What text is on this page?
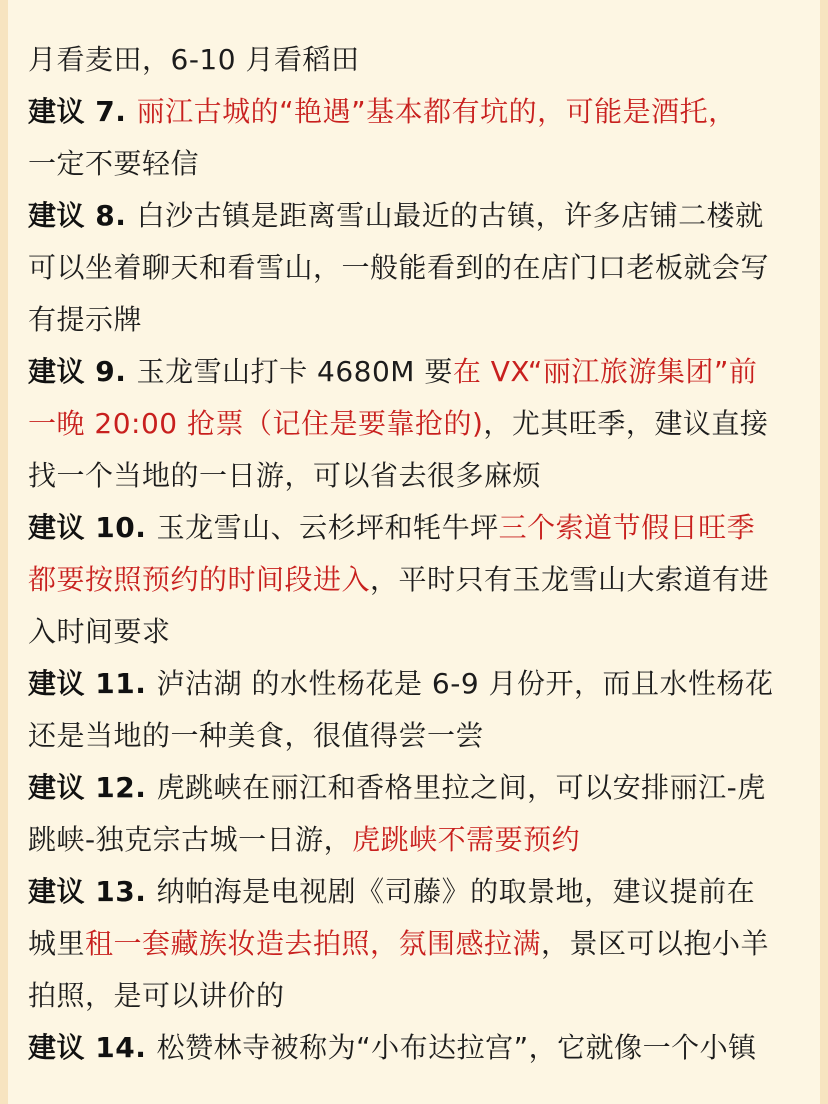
月看麦田，6-10 月看稻田
建议 7. 丽江古城的“艳遇”基本都有坑的，可能是酒托，
一定不要轻信
建议 8. 白沙古镇是距离雪山最近的古镇，许多店铺二楼就
可以坐着聊天和看雪山，一般能看到的在店门口老板就会写
有提示牌
建议 9. 玉龙雪山打卡 4680M 要在 VX“丽江旅游集团”前
一晚 20:00 抢票（记住是要靠抢的)，尤其旺季，建议直接
找一个当地的一日游，可以省去很多麻烦
建议 10. 玉龙雪山、云杉坪和牦牛坪三个索道节假日旺季
都要按照预约的时间段进入，平时只有玉龙雪山大索道有进
入时间要求
建议 11. 泸沽湖 的水性杨花是 6-9 月份开，而且水性杨花
还是当地的一种美食，很值得尝一尝
建议 12. 虎跳峡在丽江和香格里拉之间，可以安排丽江-虎
跳峡-独克宗古城一日游，虎跳峡不需要预约
建议 13. 纳帕海是电视剧《司藤》的取景地，建议提前在
城里租一套藏族妆造去拍照，氛围感拉满，景区可以抱小羊
拍照，是可以讲价的
建议 14. 松赞林寺被称为“小布达拉宫”，它就像一个小镇
